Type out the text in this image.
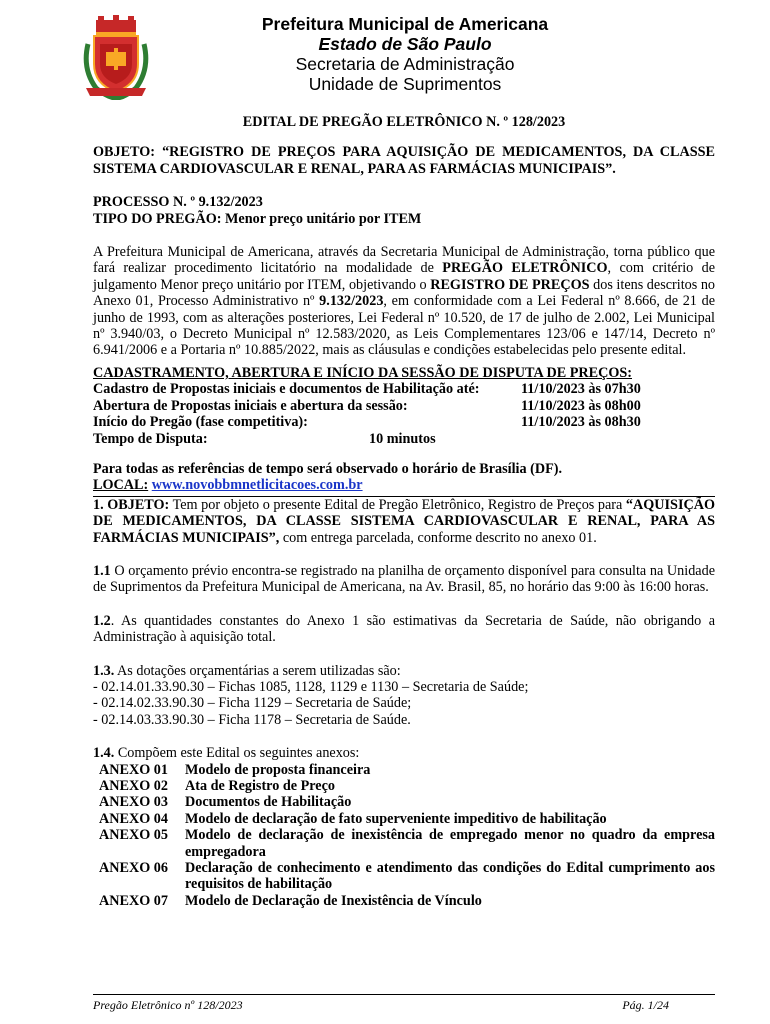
Prefeitura Municipal de Americana
Estado de São Paulo
Secretaria de Administração
Unidade de Suprimentos

EDITAL DE PREGÃO ELETRÔNICO N. º 128/2023

OBJETO: “REGISTRO DE PREÇOS PARA AQUISIÇÃO DE MEDICAMENTOS, DA CLASSE SISTEMA CARDIOVASCULAR E RENAL, PARA AS FARMÁCIAS MUNICIPAIS”.

PROCESSO N. º 9.132/2023

TIPO DO PREGÃO: Menor preço unitário por ITEM

A Prefeitura Municipal de Americana, através da Secretaria Municipal de Administração, torna público que fará realizar procedimento licitatório na modalidade de PREGÃO ELETRÔNICO, com critério de julgamento Menor preço unitário por ITEM, objetivando o REGISTRO DE PREÇOS dos itens descritos no Anexo 01, Processo Administrativo nº 9.132/2023, em conformidade com a Lei Federal nº 8.666, de 21 de junho de 1993, com as alterações posteriores, Lei Federal nº 10.520, de 17 de julho de 2.002, Lei Municipal nº 3.940/03, o Decreto Municipal nº 12.583/2020, as Leis Complementares 123/06 e 147/14, Decreto nº 6.941/2006 e a Portaria nº 10.885/2022, mais as cláusulas e condições estabelecidas pelo presente edital.

CADASTRAMENTO, ABERTURA E INÍCIO DA SESSÃO DE DISPUTA DE PREÇOS:

Cadastro de Propostas iniciais e documentos de Habilitação até:	11/10/2023 às 07h30
Abertura de Propostas iniciais e abertura da sessão:	11/10/2023 às 08h00
Início do Pregão (fase competitiva):	11/10/2023 às 08h30
Tempo de Disputa:	10 minutos

Para todas as referências de tempo será observado o horário de Brasília (DF).

LOCAL: www.novobbmnetlicitacoes.com.br

1. OBJETO: Tem por objeto o presente Edital de Pregão Eletrônico, Registro de Preços para “AQUISIÇÃO DE MEDICAMENTOS, DA CLASSE SISTEMA CARDIOVASCULAR E RENAL, PARA AS FARMÁCIAS MUNICIPAIS”, com entrega parcelada, conforme descrito no anexo 01.

1.1 O orçamento prévio encontra-se registrado na planilha de orçamento disponível para consulta na Unidade de Suprimentos da Prefeitura Municipal de Americana, na Av. Brasil, 85, no horário das 9:00 às 16:00 horas.

1.2. As quantidades constantes do Anexo 1 são estimativas da Secretaria de Saúde, não obrigando a Administração à aquisição total.

1.3. As dotações orçamentárias a serem utilizadas são:

- 02.14.01.33.90.30 – Fichas 1085, 1128, 1129 e 1130 – Secretaria de Saúde;

- 02.14.02.33.90.30 – Ficha 1129 – Secretaria de Saúde;

- 02.14.03.33.90.30 – Ficha 1178 – Secretaria de Saúde.

1.4. Compõem este Edital os seguintes anexos:

ANEXO 01	Modelo de proposta financeira
ANEXO 02	Ata de Registro de Preço
ANEXO 03	Documentos de Habilitação
ANEXO 04	Modelo de declaração de fato superveniente impeditivo de habilitação
ANEXO 05	Modelo de declaração de inexistência de empregado menor no quadro da empresa empregadora
ANEXO 06	Declaração de conhecimento e atendimento das condições do Edital cumprimento aos requisitos de habilitação
ANEXO 07	Modelo de Declaração de Inexistência de Vínculo
Pregão Eletrônico nº 128/2023	Pág. 1/24
